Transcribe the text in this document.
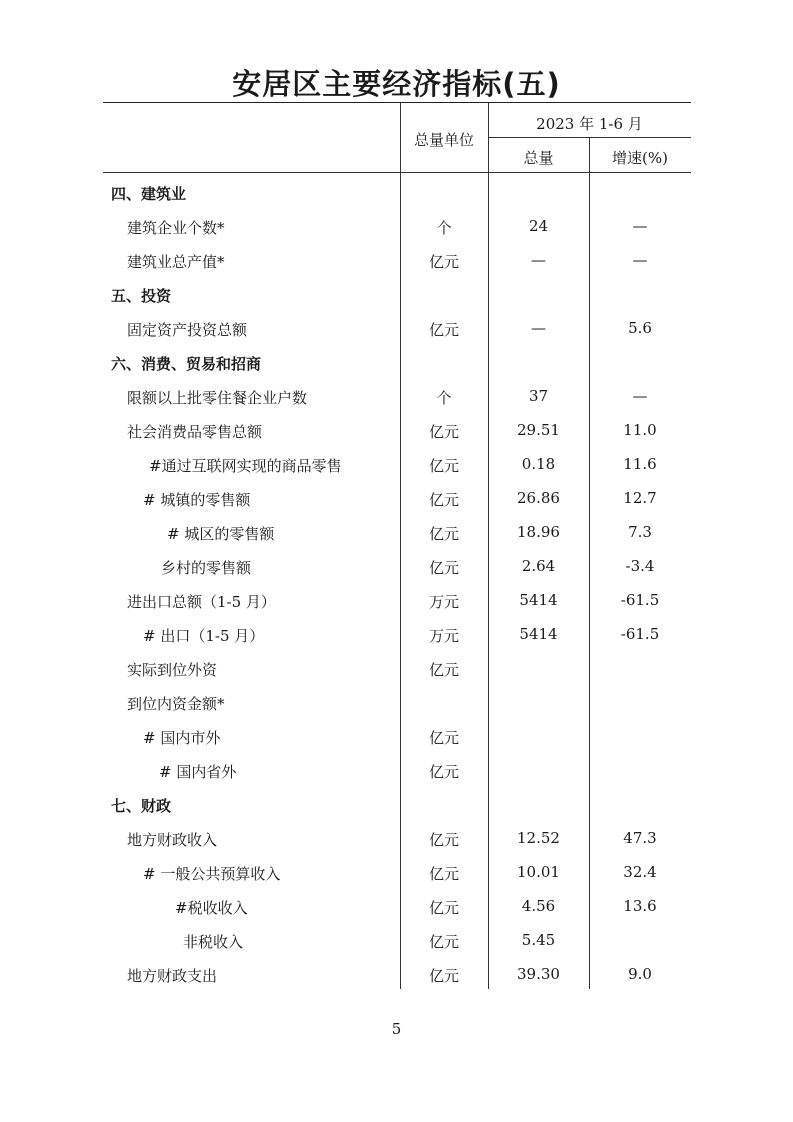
安居区主要经济指标(五)
总量单位
2023 年 1-6 月
总量	增速(%)
四、建筑业
建筑企业个数*	个	24	—
建筑业总产值*	亿元	—	—
五、投资
固定资产投资总额	亿元	—	5.6
六、消费、贸易和招商
限额以上批零住餐企业户数	个	37	—
社会消费品零售总额	亿元	29.51	11.0
#通过互联网实现的商品零售	亿元	0.18	11.6
# 城镇的零售额	亿元	26.86	12.7
# 城区的零售额	亿元	18.96	7.3
乡村的零售额	亿元	2.64	-3.4
进出口总额（1-5 月）	万元	5414	-61.5
# 出口（1-5 月）	万元	5414	-61.5
实际到位外资	亿元
到位内资金额*
# 国内市外	亿元
# 国内省外	亿元
七、财政
地方财政收入	亿元	12.52	47.3
# 一般公共预算收入	亿元	10.01	32.4
#税收收入	亿元	4.56	13.6
非税收入	亿元	5.45
地方财政支出	亿元	39.30	9.0
5
